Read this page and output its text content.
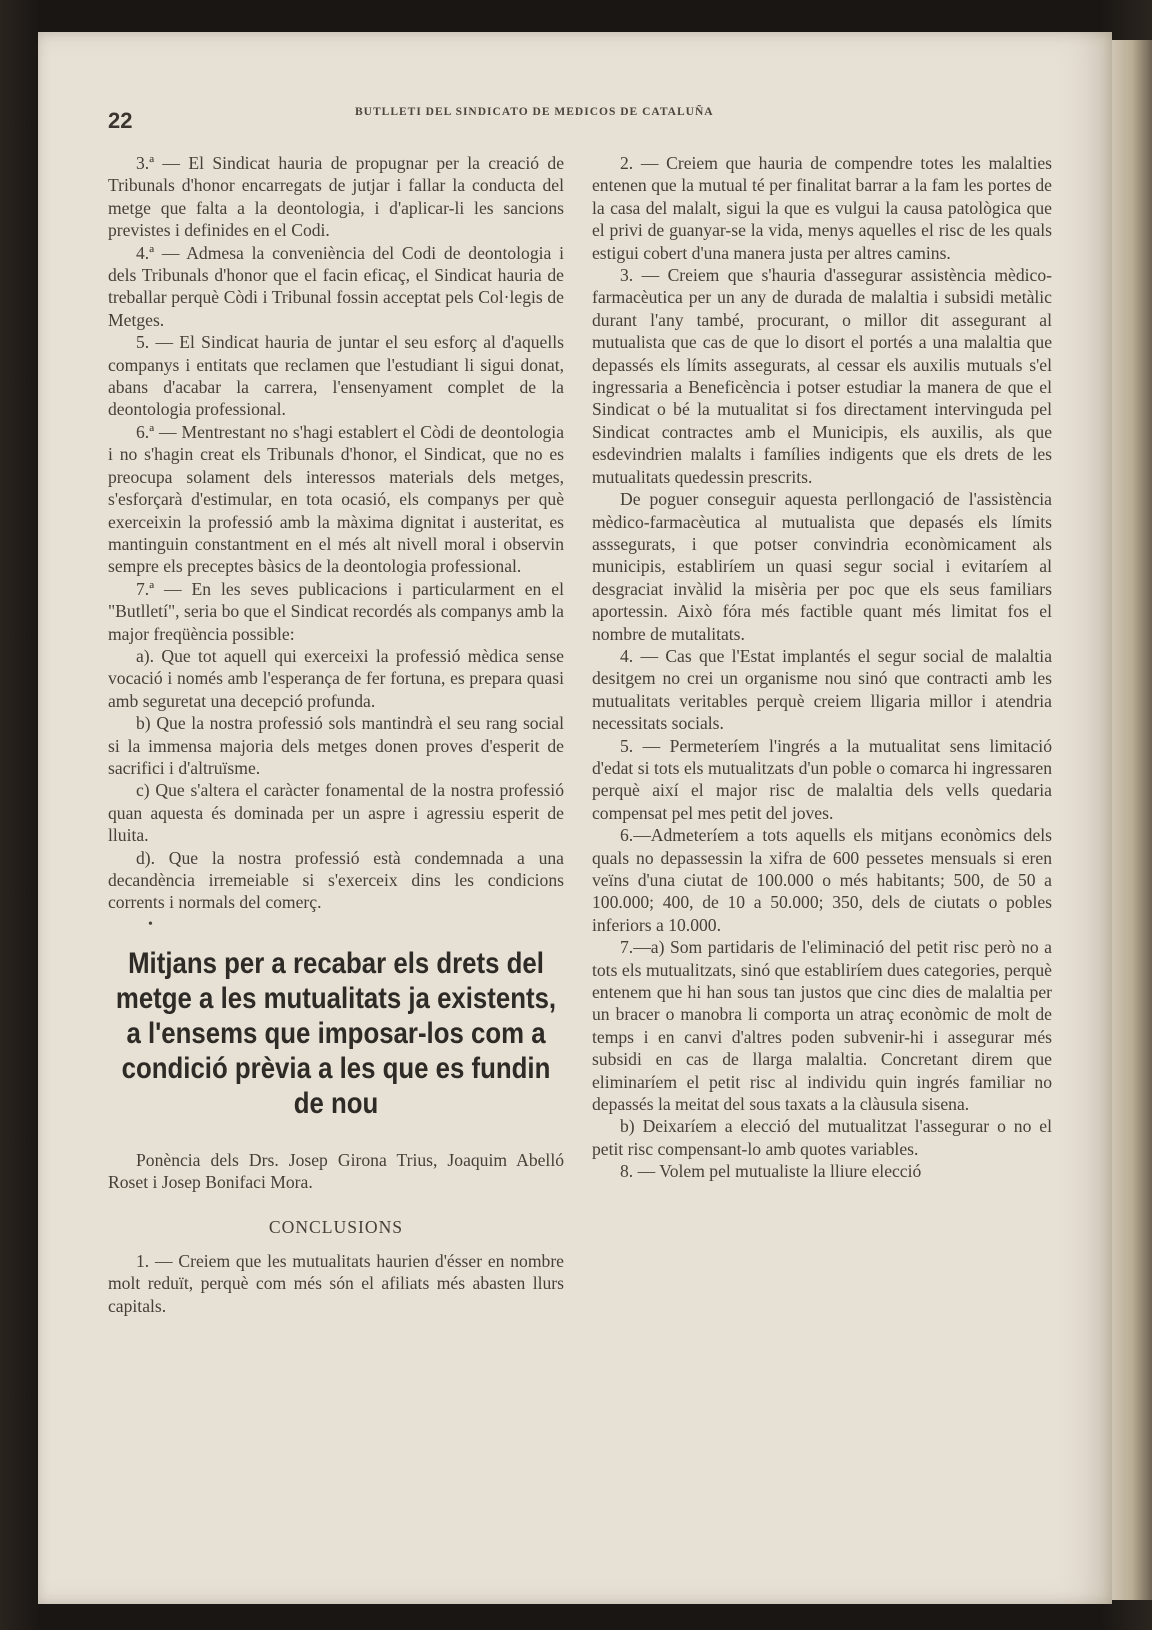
22	BUTLLETI DEL SINDICATO DE MEDICOS DE CATALUÑA

3.ª — El Sindicat hauria de propugnar per la creació de Tribunals d'honor encarregats de jutjar i fallar la conducta del metge que falta a la deontologia, i d'aplicar-li les sancions previstes i definides en el Codi.

4.ª — Admesa la conveniència del Codi de deontologia i dels Tribunals d'honor que el facin eficaç, el Sindicat hauria de treballar perquè Còdi i Tribunal fossin acceptat pels Col·legis de Metges.

5. — El Sindicat hauria de juntar el seu esforç al d'aquells companys i entitats que reclamen que l'estudiant li sigui donat, abans d'acabar la carrera, l'ensenyament complet de la deontologia professional.

6.ª — Mentrestant no s'hagi establert el Còdi de deontologia i no s'hagin creat els Tribunals d'honor, el Sindicat, que no es preocupa solament dels interessos materials dels metges, s'esforçarà d'estimular, en tota ocasió, els companys per què exerceixin la professió amb la màxima dignitat i austeritat, es mantinguin constantment en el més alt nivell moral i observin sempre els preceptes bàsics de la deontologia professional.

7.ª — En les seves publicacions i particularment en el "Butlletí", seria bo que el Sindicat recordés als companys amb la major freqüència possible:

a). Que tot aquell qui exerceixi la professió mèdica sense vocació i només amb l'esperança de fer fortuna, es prepara quasi amb seguretat una decepció profunda.

b) Que la nostra professió sols mantindrà el seu rang social si la immensa majoria dels metges donen proves d'esperit de sacrifici i d'altruïsme.

c) Que s'altera el caràcter fonamental de la nostra professió quan aquesta és dominada per un aspre i agressiu esperit de lluita.

d). Que la nostra professió està condemnada a una decandència irremeiable si s'exerceix dins les condicions corrents i normals del comerç.

•

Mitjans per a recabar els drets del metge a les mutualitats ja existents, a l'ensems que imposar-los com a condició prèvia a les que es fundin de nou

Ponència dels Drs. Josep Girona Trius, Joaquim Abelló Roset i Josep Bonifaci Mora.

CONCLUSIONS

1. — Creiem que les mutualitats haurien d'ésser en nombre molt reduït, perquè com més són el afiliats més abasten llurs capitals.

2. — Creiem que hauria de compendre totes les malalties entenen que la mutual té per finalitat barrar a la fam les portes de la casa del malalt, sigui la que es vulgui la causa patològica que el privi de guanyar-se la vida, menys aquelles el risc de les quals estigui cobert d'una manera justa per altres camins.

3. — Creiem que s'hauria d'assegurar assistència mèdico-farmacèutica per un any de durada de malaltia i subsidi metàlic durant l'any també, procurant, o millor dit assegurant al mutualista que cas de que lo disort el portés a una malaltia que depassés els límits assegurats, al cessar els auxilis mutuals s'el ingressaria a Beneficència i potser estudiar la manera de que el Sindicat o bé la mutualitat si fos directament intervinguda pel Sindicat contractes amb el Municipis, els auxilis, als que esdevindrien malalts i famílies indigents que els drets de les mutualitats quedessin prescrits.

De poguer conseguir aquesta perllongació de l'assistència mèdico-farmacèutica al mutualista que depasés els límits asssegurats, i que potser convindria econòmicament als municipis, establiríem un quasi segur social i evitaríem al desgraciat invàlid la misèria per poc que els seus familiars aportessin. Això fóra més factible quant més limitat fos el nombre de mutalitats.

4. — Cas que l'Estat implantés el segur social de malaltia desitgem no crei un organisme nou sinó que contracti amb les mutualitats veritables perquè creiem lligaria millor i atendria necessitats socials.

5. — Permeteríem l'ingrés a la mutualitat sens limitació d'edat si tots els mutualitzats d'un poble o comarca hi ingressaren perquè així el major risc de malaltia dels vells quedaria compensat pel mes petit del joves.

6.—Admeteríem a tots aquells els mitjans econòmics dels quals no depassessin la xifra de 600 pessetes mensuals si eren veïns d'una ciutat de 100.000 o més habitants; 500, de 50 a 100.000; 400, de 10 a 50.000; 350, dels de ciutats o pobles inferiors a 10.000.

7.—a) Som partidaris de l'eliminació del petit risc però no a tots els mutualitzats, sinó que establiríem dues categories, perquè entenem que hi han sous tan justos que cinc dies de malaltia per un bracer o manobra li comporta un atraç econòmic de molt de temps i en canvi d'altres poden subvenir-hi i assegurar més subsidi en cas de llarga malaltia. Concretant direm que eliminaríem el petit risc al individu quin ingrés familiar no depassés la meitat del sous taxats a la clàusula sisena.

b) Deixaríem a elecció del mutualitzat l'assegurar o no el petit risc compensant-lo amb quotes variables.

8. — Volem pel mutualiste la lliure elecció
